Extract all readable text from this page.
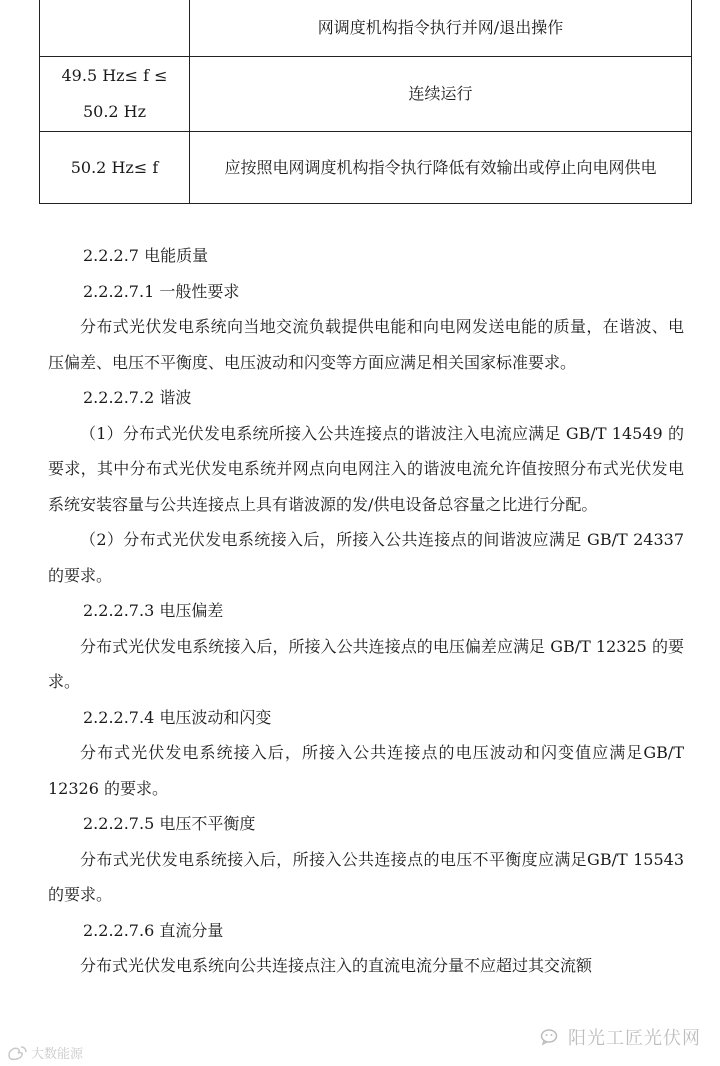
	网调度机构指令执行并网/退出操作
49.5 Hz≤ f ≤ 50.2 Hz	连续运行
50.2 Hz≤ f	应按照电网调度机构指令执行降低有效输出或停止向电网供电

2.2.2.7 电能质量

2.2.2.7.1 一般性要求

分布式光伏发电系统向当地交流负载提供电能和向电网发送电能的质量，在谐波、电压偏差、电压不平衡度、电压波动和闪变等方面应满足相关国家标准要求。

2.2.2.7.2 谐波

（1）分布式光伏发电系统所接入公共连接点的谐波注入电流应满足 GB/T 14549 的要求，其中分布式光伏发电系统并网点向电网注入的谐波电流允许值按照分布式光伏发电系统安装容量与公共连接点上具有谐波源的发/供电设备总容量之比进行分配。

（2）分布式光伏发电系统接入后，所接入公共连接点的间谐波应满足 GB/T 24337 的要求。

2.2.2.7.3 电压偏差

分布式光伏发电系统接入后，所接入公共连接点的电压偏差应满足 GB/T 12325 的要求。

2.2.2.7.4 电压波动和闪变

分布式光伏发电系统接入后，所接入公共连接点的电压波动和闪变值应满足GB/T 12326 的要求。

2.2.2.7.5 电压不平衡度

分布式光伏发电系统接入后，所接入公共连接点的电压不平衡度应满足GB/T 15543 的要求。

2.2.2.7.6 直流分量

分布式光伏发电系统向公共连接点注入的直流电流分量不应超过其交流额

大数能源
阳光工匠光伏网
